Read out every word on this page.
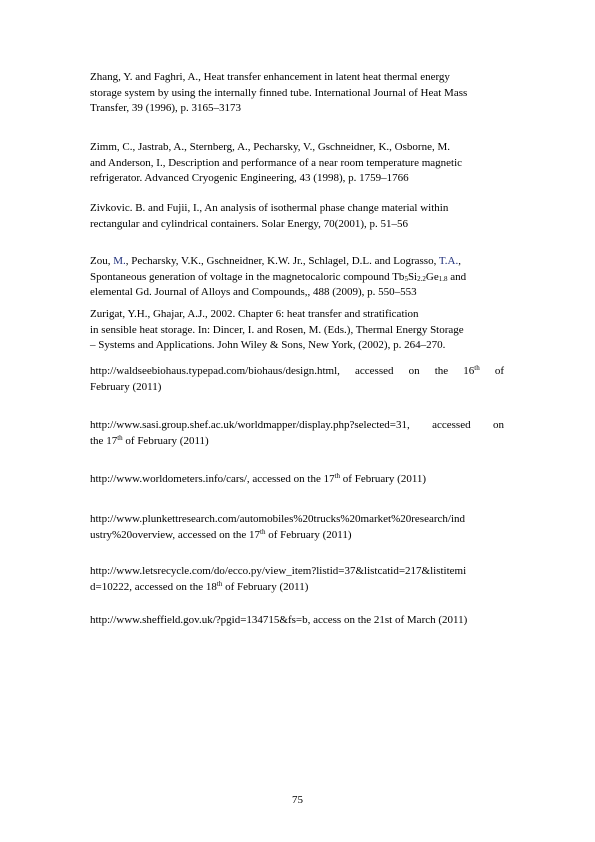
Zhang, Y. and Faghri, A., Heat transfer enhancement in latent heat thermal energy
storage system by using the internally finned tube. International Journal of Heat Mass
Transfer, 39 (1996), p. 3165–3173

Zimm, C., Jastrab, A., Sternberg, A., Pecharsky, V., Gschneidner, K., Osborne, M.
and Anderson, I., Description and performance of a near room temperature magnetic
refrigerator. Advanced Cryogenic Engineering, 43 (1998), p. 1759–1766

Zivkovic. B. and Fujii, I., An analysis of isothermal phase change material within
rectangular and cylindrical containers. Solar Energy, 70(2001), p. 51–56

Zou, M., Pecharsky, V.K., Gschneidner, K.W. Jr., Schlagel, D.L. and Lograsso, T.A.,
Spontaneous generation of voltage in the magnetocaloric compound $Tb_5Si_{2.2}Ge_{1.8}$ and
elemental Gd. Journal of Alloys and Compounds,, 488 (2009), p. 550–553

Zurigat, Y.H., Ghajar, A.J., 2002. Chapter 6: heat transfer and stratification
in sensible heat storage. In: Dincer, I. and Rosen, M. (Eds.), Thermal Energy Storage
– Systems and Applications. John Wiley & Sons, New York, (2002), p. 264–270.

http://waldseebiohaus.typepad.com/biohaus/design.html, accessed on the 16th of
February (2011)

http://www.sasi.group.shef.ac.uk/worldmapper/display.php?selected=31, accessed on
the 17th of February (2011)

http://www.worldometers.info/cars/, accessed on the 17th of February (2011)

http://www.plunkettresearch.com/automobiles%20trucks%20market%20research/ind
ustry%20overview, accessed on the 17th of February (2011)

http://www.letsrecycle.com/do/ecco.py/view_item?listid=37&listcatid=217&listitemi
d=10222, accessed on the 18th of February (2011)

http://www.sheffield.gov.uk/?pgid=134715&fs=b, access on the 21st of March (2011)

75
